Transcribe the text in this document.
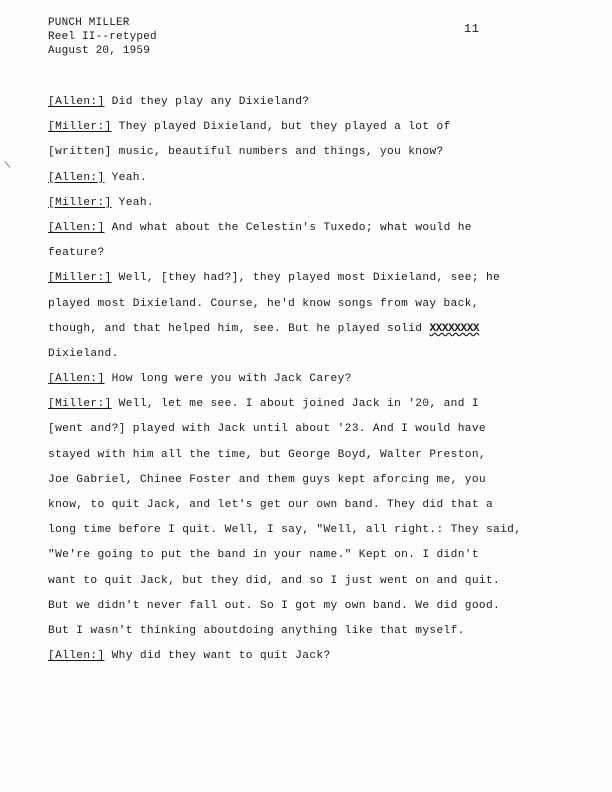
PUNCH MILLER
Reel II--retyped
August 20, 1959
11
[Allen:] Did they play any Dixieland?
[Miller:] They played Dixieland, but they played a lot of
[written] music, beautiful numbers and things, you know?
[Allen:] Yeah.
[Miller:] Yeah.
[Allen:] And what about the Celestin's Tuxedo; what would he
feature?
[Miller:] Well, [they had?], they played most Dixieland, see; he
played most Dixieland. Course, he'd know songs from way back,
though, and that helped him, see. But he played solid XXXXXXXX
Dixieland.
[Allen:] How long were you with Jack Carey?
[Miller:] Well, let me see. I about joined Jack in '20, and I
[went and?] played with Jack until about '23. And I would have
stayed with him all the time, but George Boyd, Walter Preston,
Joe Gabriel, Chinee Foster and them guys kept aforcing me, you
know, to quit Jack, and let's get our own band. They did that a
long time before I quit. Well, I say, "Well, all right.: They said,
"We're going to put the band in your name." Kept on. I didn't
want to quit Jack, but they did, and so I just went on and quit.
But we didn't never fall out. So I got my own band. We did good.
But I wasn't thinking aboutdoing anything like that myself.
[Allen:] Why did they want to quit Jack?
